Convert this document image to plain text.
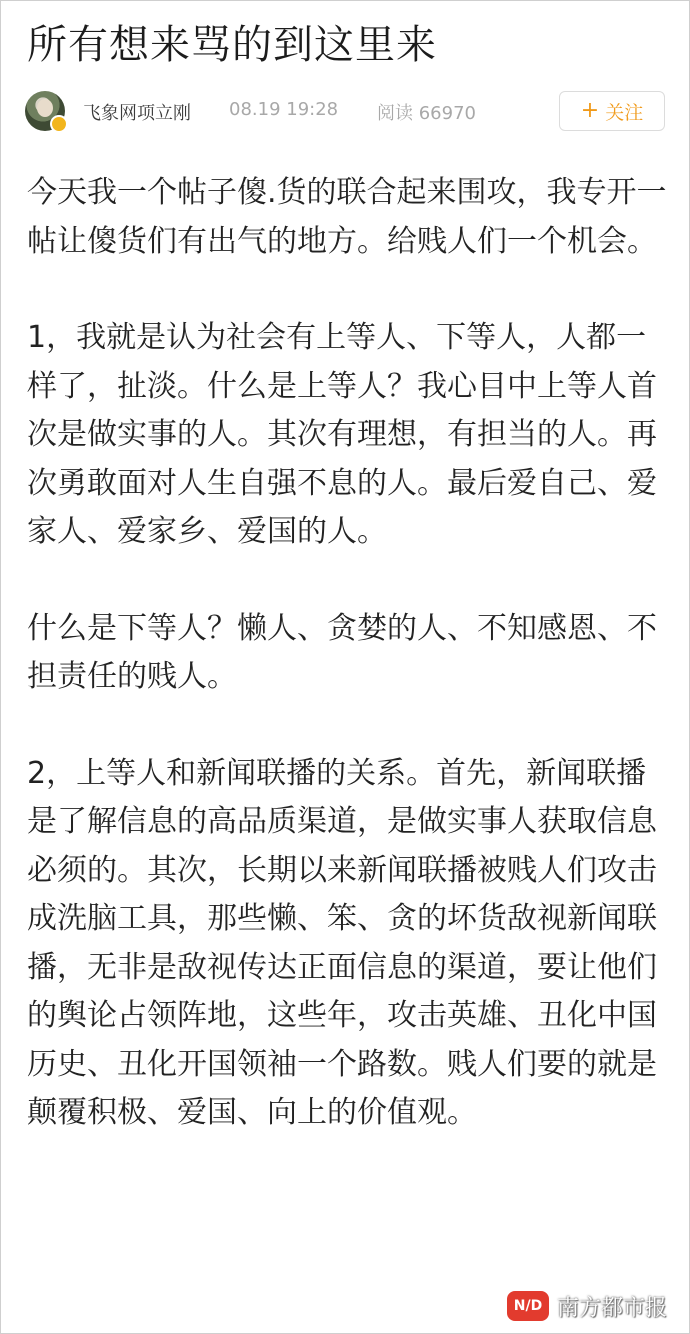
所有想来骂的到这里来
飞象网项立刚 08.19 19:28 阅读 66970	+ 关注

今天我一个帖子傻.货的联合起来围攻，我专开一帖让傻货们有出气的地方。给贱人们一个机会。

1，我就是认为社会有上等人、下等人，人都一样了，扯淡。什么是上等人？我心目中上等人首次是做实事的人。其次有理想，有担当的人。再次勇敢面对人生自强不息的人。最后爱自己、爱家人、爱家乡、爱国的人。

什么是下等人？懒人、贪婪的人、不知感恩、不担责任的贱人。

2，上等人和新闻联播的关系。首先，新闻联播是了解信息的高品质渠道，是做实事人获取信息必须的。其次，长期以来新闻联播被贱人们攻击成洗脑工具，那些懒、笨、贪的坏货敌视新闻联播，无非是敌视传达正面信息的渠道，要让他们的舆论占领阵地，这些年，攻击英雄、丑化中国历史、丑化开国领袖一个路数。贱人们要的就是颠覆积极、爱国、向上的价值观。

N/D 南方都市报
